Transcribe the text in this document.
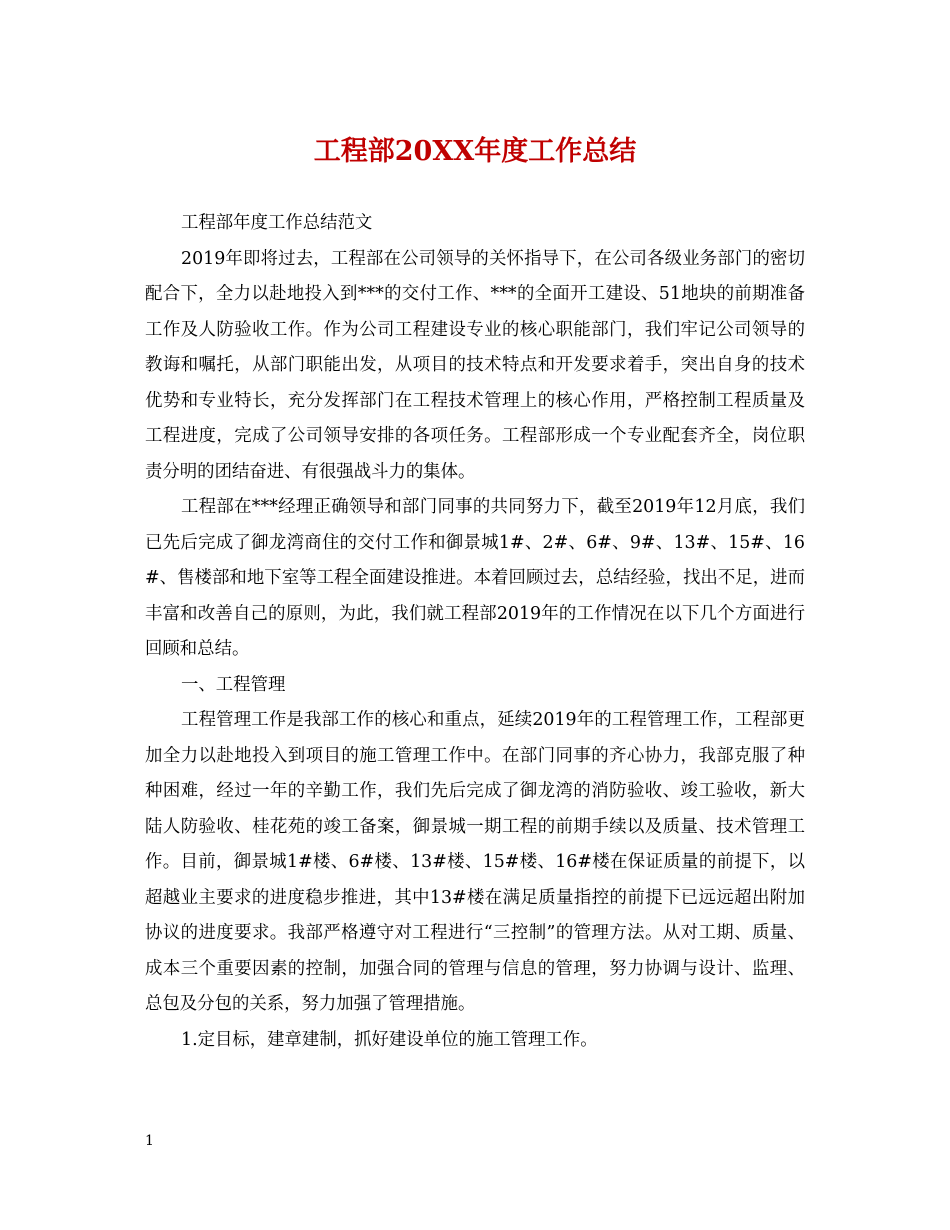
工程部20XX年度工作总结

工程部年度工作总结范文

2019年即将过去，工程部在公司领导的关怀指导下，在公司各级业务部门的密切配合下，全力以赴地投入到***的交付工作、***的全面开工建设、51地块的前期准备工作及人防验收工作。作为公司工程建设专业的核心职能部门，我们牢记公司领导的教诲和嘱托，从部门职能出发，从项目的技术特点和开发要求着手，突出自身的技术优势和专业特长，充分发挥部门在工程技术管理上的核心作用，严格控制工程质量及工程进度，完成了公司领导安排的各项任务。工程部形成一个专业配套齐全，岗位职责分明的团结奋进、有很强战斗力的集体。

工程部在***经理正确领导和部门同事的共同努力下，截至2019年12月底，我们已先后完成了御龙湾商住的交付工作和御景城1#、2#、6#、9#、13#、15#、16#、售楼部和地下室等工程全面建设推进。本着回顾过去，总结经验，找出不足，进而丰富和改善自己的原则，为此，我们就工程部2019年的工作情况在以下几个方面进行回顾和总结。

一、工程管理

工程管理工作是我部工作的核心和重点，延续2019年的工程管理工作，工程部更加全力以赴地投入到项目的施工管理工作中。在部门同事的齐心协力，我部克服了种种困难，经过一年的辛勤工作，我们先后完成了御龙湾的消防验收、竣工验收，新大陆人防验收、桂花苑的竣工备案，御景城一期工程的前期手续以及质量、技术管理工作。目前，御景城1#楼、6#楼、13#楼、15#楼、16#楼在保证质量的前提下，以超越业主要求的进度稳步推进，其中13#楼在满足质量指控的前提下已远远超出附加协议的进度要求。我部严格遵守对工程进行“三控制”的管理方法。从对工期、质量、成本三个重要因素的控制，加强合同的管理与信息的管理，努力协调与设计、监理、总包及分包的关系，努力加强了管理措施。

1.定目标，建章建制，抓好建设单位的施工管理工作。

1
